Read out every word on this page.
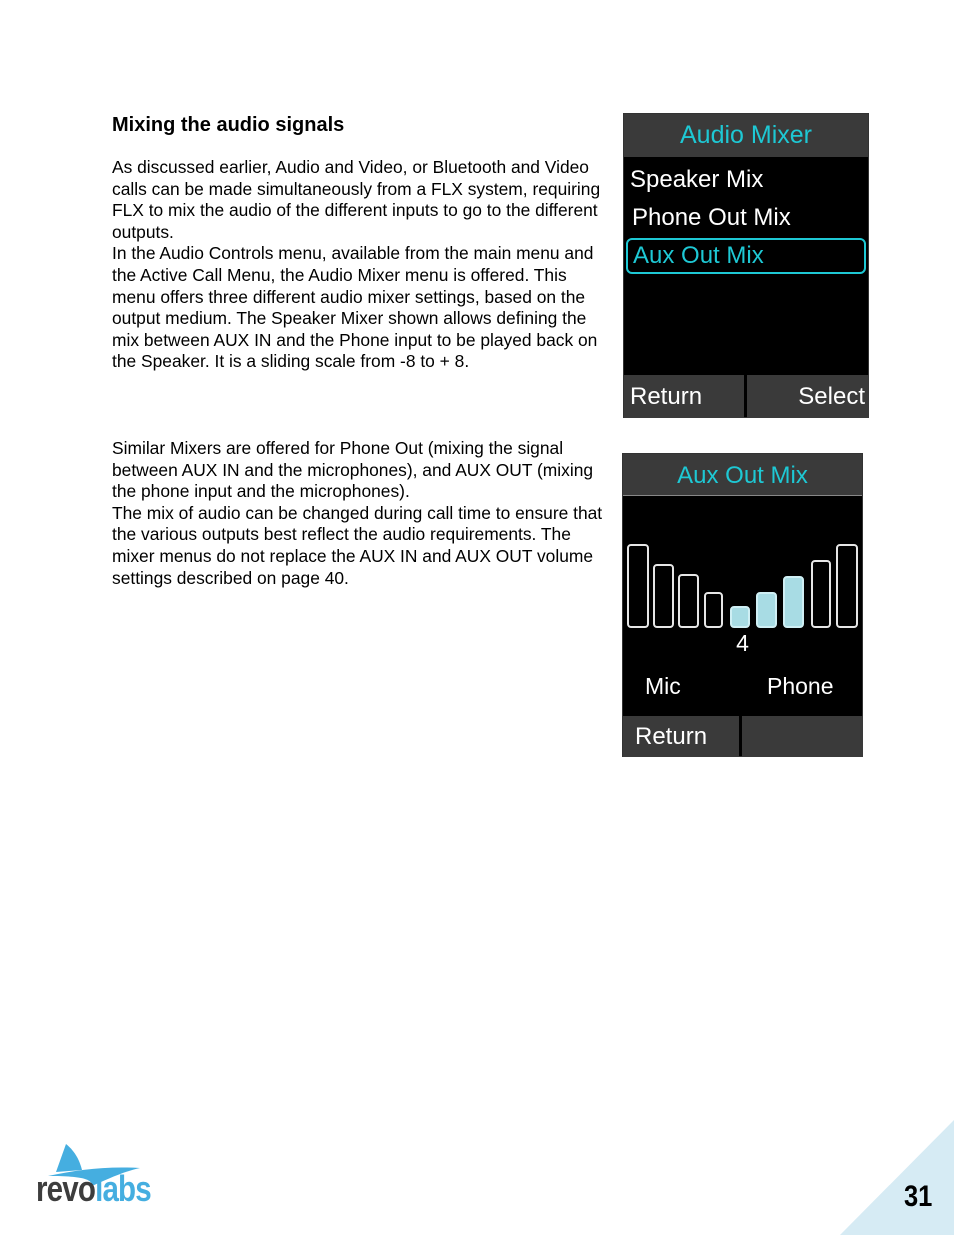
Mixing the audio signals

As discussed earlier, Audio and Video, or Bluetooth and Video calls can be made simultaneously from a FLX system, requiring FLX to mix the audio of the different inputs to go to the different outputs.

In the Audio Controls menu, available from the main menu and the Active Call Menu, the Audio Mixer menu is offered. This menu offers three different audio mixer settings, based on the output medium. The Speaker Mixer shown allows defining the mix between AUX IN and the Phone input to be played back on the Speaker. It is a sliding scale from -8 to + 8.

Similar Mixers are offered for Phone Out (mixing the signal between AUX IN and the microphones), and AUX OUT (mixing the phone input and the microphones).

The mix of audio can be changed during call time to ensure that the various outputs best reflect the audio requirements. The mixer menus do not replace the AUX IN and AUX OUT volume settings described on page 40.

Audio Mixer
Speaker Mix
Phone Out Mix
Aux Out Mix
Return	Select
Aux Out Mix
4
Mic	Phone
Return
revolabs	31
